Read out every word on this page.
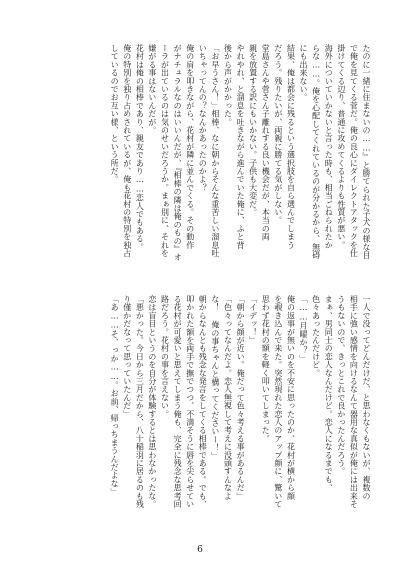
たのに一緒に住まないの……』と勝てられた子犬の様な目
で俺を見てくる菅だ。俺の良心にダイレクトアタックを仕
掛けてくる辺り、普通に攻めてくるよりも性質が悪い。
海外についていかないと言った時も、相当ごねられたか
らな……。俺を心配してくれているのが分かるから、無碍
にも出来ない。
結果、俺は都会に残るという選択肢を自ら選んでしまう
だろう。残りたいが、両親に勝てる気がしない。
堂島さんや菅さん子離れする良い機会だが、本当の両
親を放置する訳にもいかない。子供も大変だ。
やれやれ、と溜息を吐きながら進んでいた俺に、ふと背
後から声がかかった。
「お早うさん！」相棒、なに朝からそんな重苦しい溜息吐
いちゃってんの？なんかあったのかよ？
俺の肩を叩きながら、花村が隣に並んでくる。その動作
がナチュラルなのはいいんだが、『相棒の隣は俺のもの』オ
ーラが出ているのは気のせいだろうか。まぁ別に、それを
嫌がる事はないんだが。
花村は俺の相棒であり、親友であり……恋人でもある。
俺の特別を独り占めされているが、俺も花村の特別を独占
しているのでお互い様、という所だ。
一人で没ってどんだけだ、と思わなくもないが、複数の
相手に強い感情を向けるなんて器用な真似が俺には出来そ
うもないので、きっとこれで良かったんだろう。
まぁ、男同士の恋人なんだけど。恋人になるまでも、
色々あったんだけど。
「……月曜か？」
俺の返事が無いのを不安に思ったのか、花村が横から顔
を覗き込んで来た。突然現れた恋人のアップ顔に、驚いて
思わず花村の額を軽く叩いてしまった。
「イデッ！」
「朝から顔が近い。俺だって色々考える事があるんだ」
「色々ってなんだよ。恋人無視して考えに没頭すんなよ
な！ 俺の事ちゃんと構ってくださいー！」
朝からなんとも残念な発言をしてくる相棒である。でも、
叩かれた額を両手で撫でつつ、不満そうに唇を尖らせてい
る花村が可愛いと思えてしまう俺も、完全に残念な思考回
路だろう。花村の事を言えない。
恋は盲目というのを自分が体験するとは思わなかったな。
「悪かった。今日から三月だから、八十稲羽に居るのも残
り僅かだなって思っていたんだ」
「あ……そ、っか……。お前、帰っちまうんだよな」
6
